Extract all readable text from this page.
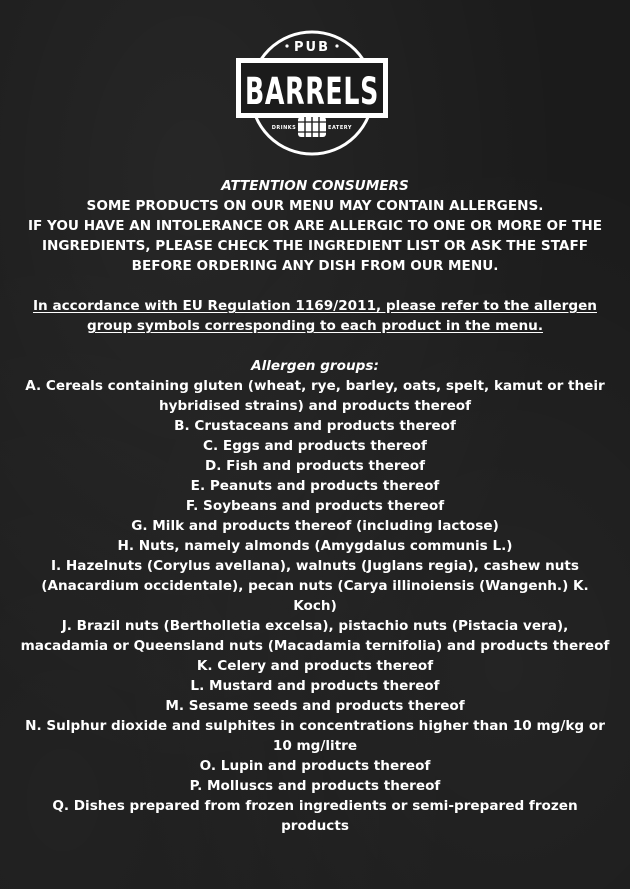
PUB
BARRELS
DRINKS	EATERY

ATTENTION CONSUMERS

SOME PRODUCTS ON OUR MENU MAY CONTAIN ALLERGENS.

IF YOU HAVE AN INTOLERANCE OR ARE ALLERGIC TO ONE OR MORE OF THE INGREDIENTS, PLEASE CHECK THE INGREDIENT LIST OR ASK THE STAFF BEFORE ORDERING ANY DISH FROM OUR MENU.

In accordance with EU Regulation 1169/2011, please refer to the allergen group symbols corresponding to each product in the menu.

Allergen groups:

A. Cereals containing gluten (wheat, rye, barley, oats, spelt, kamut or their hybridised strains) and products thereof
B. Crustaceans and products thereof
C. Eggs and products thereof
D. Fish and products thereof
E. Peanuts and products thereof
F. Soybeans and products thereof
G. Milk and products thereof (including lactose)
H. Nuts, namely almonds (Amygdalus communis L.)
I. Hazelnuts (Corylus avellana), walnuts (Juglans regia), cashew nuts (Anacardium occidentale), pecan nuts (Carya illinoiensis (Wangenh.) K. Koch)
J. Brazil nuts (Bertholletia excelsa), pistachio nuts (Pistacia vera), macadamia or Queensland nuts (Macadamia ternifolia) and products thereof
K. Celery and products thereof
L. Mustard and products thereof
M. Sesame seeds and products thereof
N. Sulphur dioxide and sulphites in concentrations higher than 10 mg/kg or 10 mg/litre
O. Lupin and products thereof
P. Molluscs and products thereof
Q. Dishes prepared from frozen ingredients or semi-prepared frozen products
